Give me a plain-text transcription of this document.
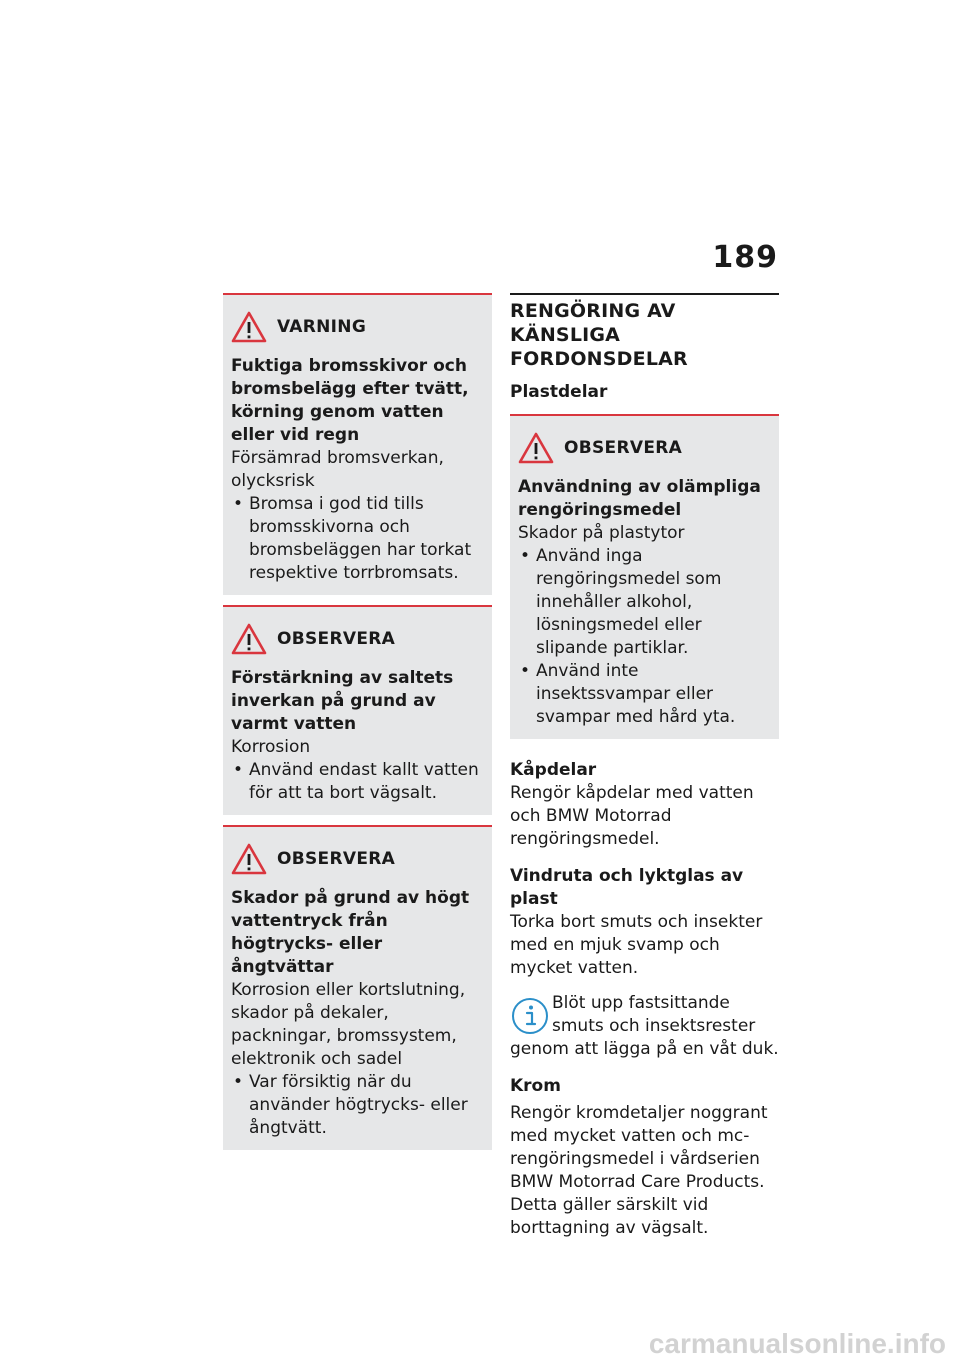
189
VARNING
Fuktiga bromsskivor och bromsbelägg efter tvätt, körning genom vatten eller vid regn
Försämrad bromsverkan, olycksrisk
• Bromsa i god tid tills bromsskivorna och bromsbeläggen har torkat respektive torrbromsats.
OBSERVERA
Förstärkning av saltets inverkan på grund av varmt vatten
Korrosion
• Använd endast kallt vatten för att ta bort vägsalt.
OBSERVERA
Skador på grund av högt vattentryck från högtrycks- eller ångtvättar
Korrosion eller kortslutning, skador på dekaler, packningar, bromssystem, elektronik och sadel
• Var försiktig när du använder högtrycks- eller ångtvätt.
RENGÖRING AV KÄNSLIGA FORDONSDELAR
Plastdelar
OBSERVERA
Användning av olämpliga rengöringsmedel
Skador på plastytor
• Använd inga rengöringsmedel som innehåller alkohol, lösningsmedel eller slipande partiklar.
• Använd inte insektssvampar eller svampar med hård yta.
Kåpdelar

Rengör kåpdelar med vatten och BMW Motorrad rengöringsmedel.

Vindruta och lyktglas av plast

Torka bort smuts och insekter med en mjuk svamp och mycket vatten.

Blöt upp fastsittande smuts och insektsrester

genom att lägga på en våt duk.

Krom

Rengör kromdetaljer noggrant med mycket vatten och mc-rengöringsmedel i vårdserien BMW Motorrad Care Products. Detta gäller särskilt vid borttagning av vägsalt.

carmanualsonline.info
